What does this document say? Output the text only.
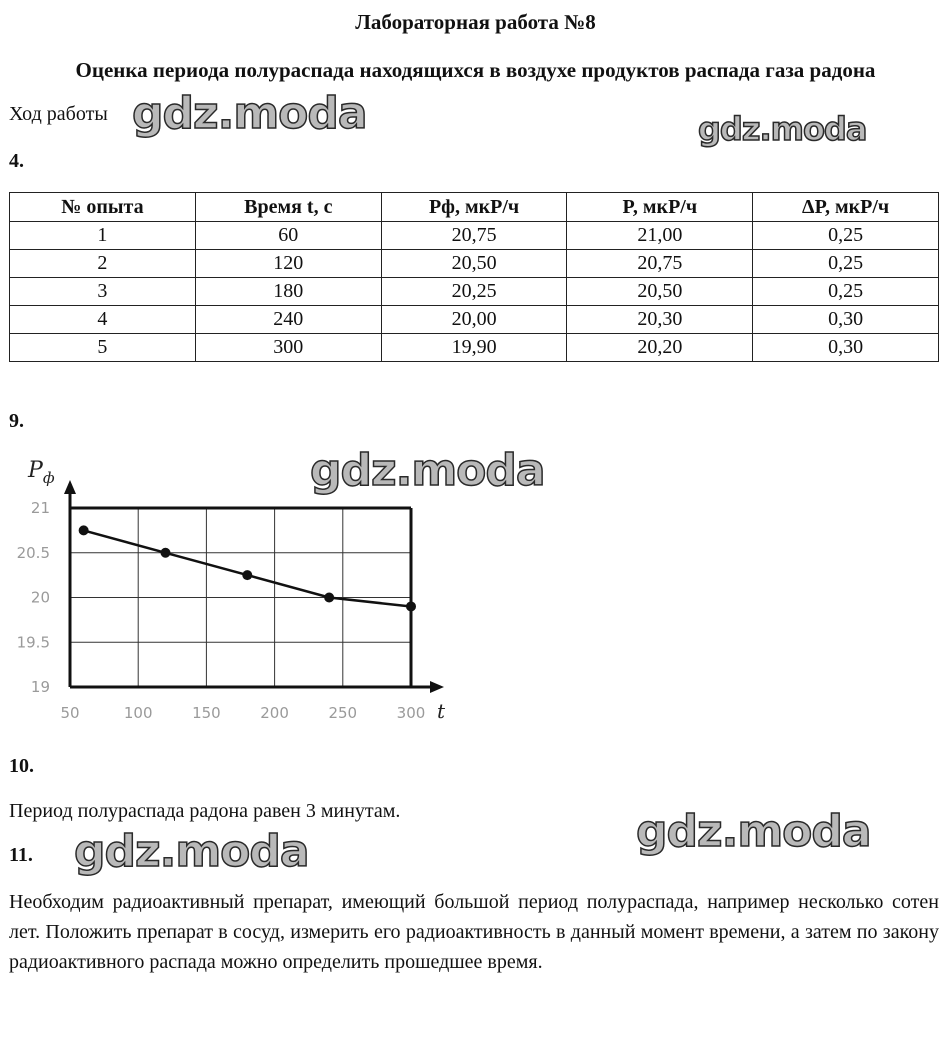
Лабораторная работа №8
Оценка периода полураспада находящихся в воздухе продуктов распада газа радона
Ход работы gdz.moda	gdz.moda
4.
№ опыта	Время t, с	Pф, мкР/ч	P, мкР/ч	ΔP, мкР/ч
1	60	20,75	21,00	0,25
2	120	20,50	20,75	0,25
3	180	20,25	20,50	0,25
4	240	20,00	20,30	0,30
5	300	19,90	20,20	0,30
9.
gdz.moda
$P_ф$
t
19
19.5
20
20.5
21
50	100	150	200	250	300
10.
Период полураспада радона равен 3 минутам.	gdz.moda
11. gdz.moda
Необходим радиоактивный препарат, имеющий большой период полураспада, например несколько сотен лет. Положить препарат в сосуд, измерить его радиоактивность в данный момент времени, а затем по закону радиоактивного распада можно определить прошедшее время.
